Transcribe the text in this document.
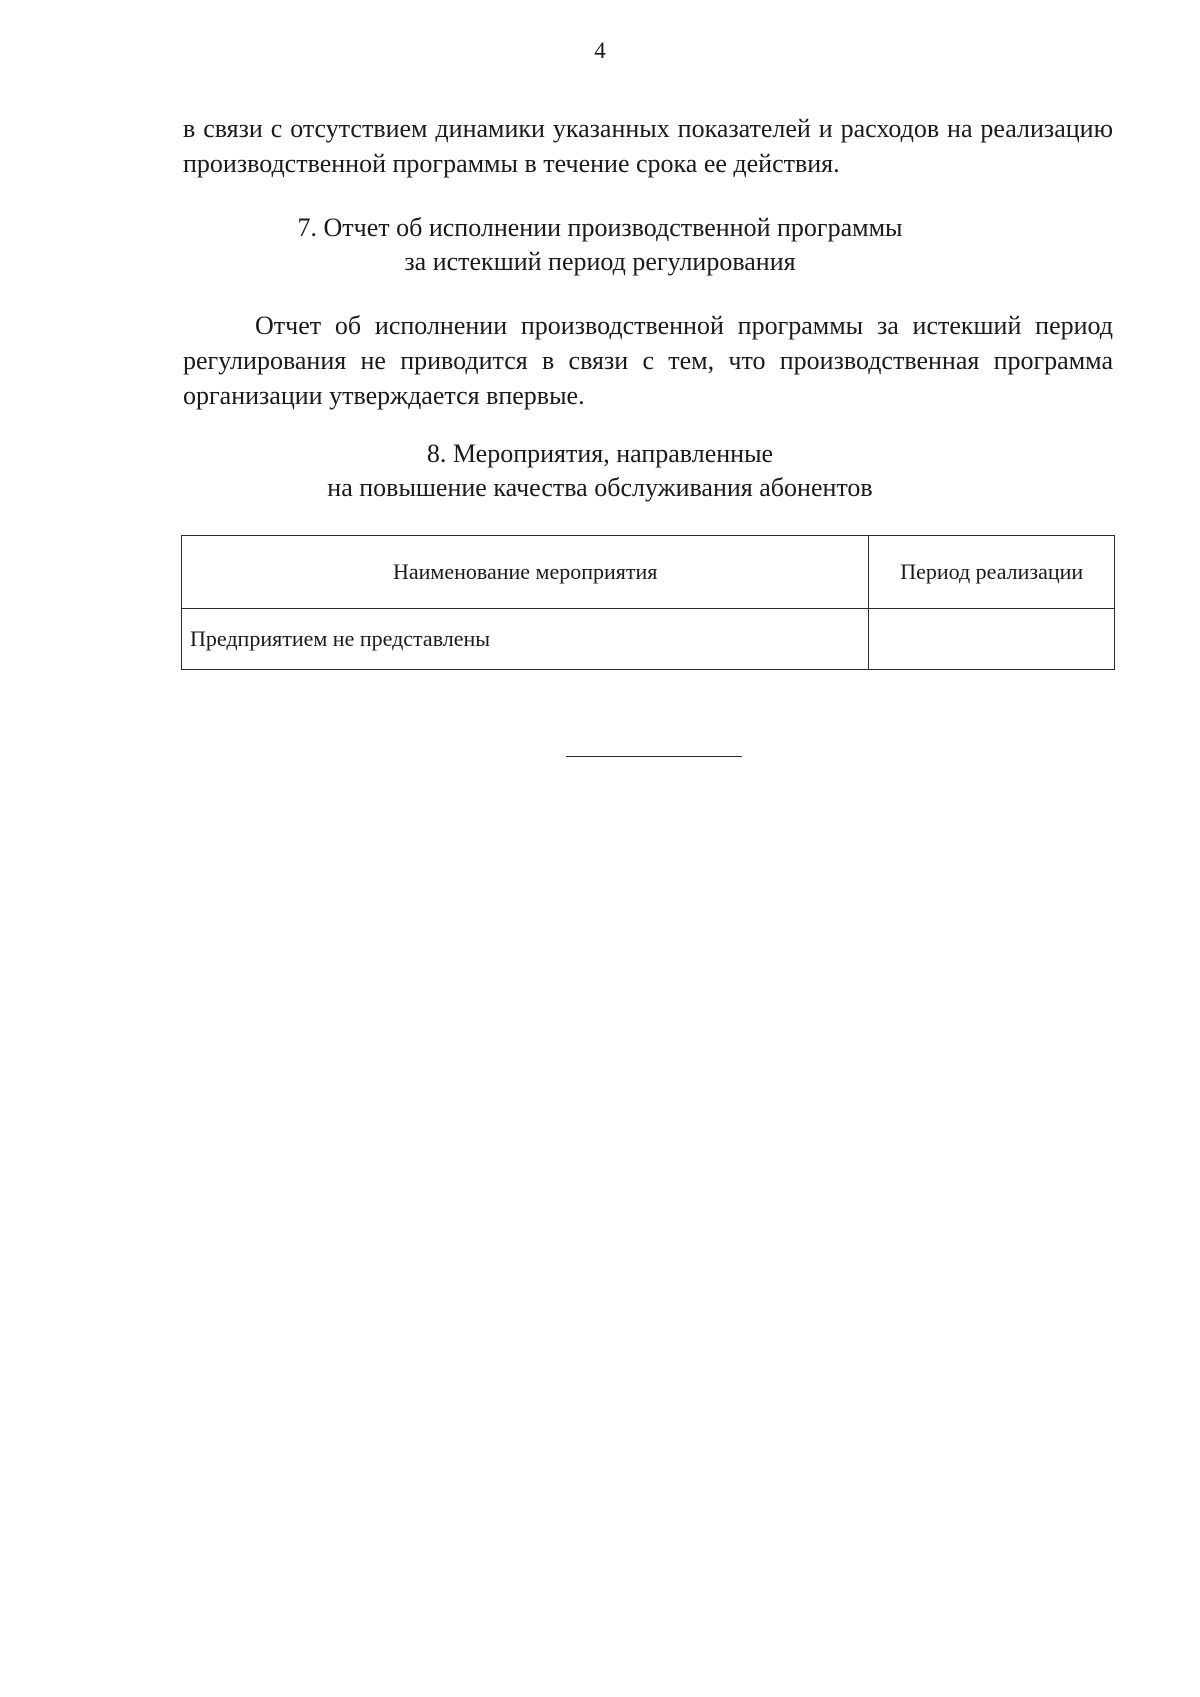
4

в связи с отсутствием динамики указанных показателей и расходов на реализацию производственной программы в течение срока ее действия.

7. Отчет об исполнении производственной программы
за истекший период регулирования

Отчет об исполнении производственной программы за истекший период регулирования не приводится в связи с тем, что производственная программа организации утверждается впервые.

8. Мероприятия, направленные
на повышение качества обслуживания абонентов
Наименование мероприятия	Период реализации
Предприятием не представлены	
